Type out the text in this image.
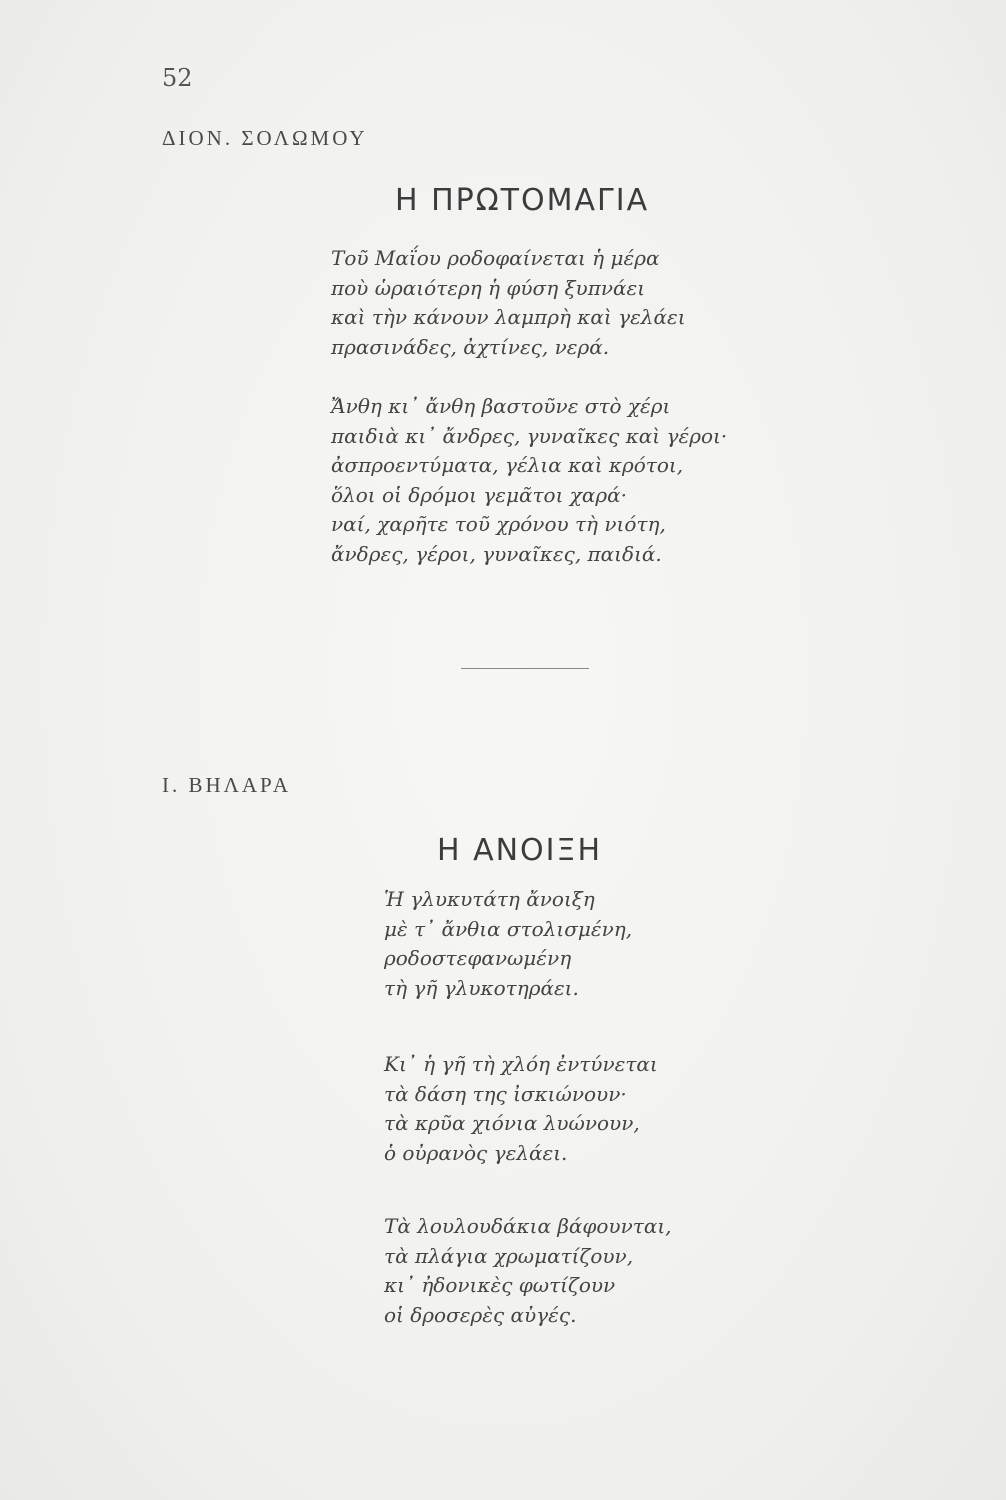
52
ΔΙΟΝ. ΣΟΛΩΜΟΥ
Η ΠΡΩΤΟΜΑΓΙΑ
Τοῦ Μαΐου ροδοφαίνεται ἡ μέρα
ποὺ ὡραιότερη ἡ φύση ξυπνάει
καὶ τὴν κάνουν λαμπρὴ καὶ γελάει
πρασινάδες, ἀχτίνες, νερά.
Ἄνθη κι᾽ ἄνθη βαστοῦνε στὸ χέρι
παιδιὰ κι᾽ ἄνδρες, γυναῖκες καὶ γέροι·
ἀσπροεντύματα, γέλια καὶ κρότοι,
ὅλοι οἱ δρόμοι γεμᾶτοι χαρά·
ναί, χαρῆτε τοῦ χρόνου τὴ νιότη,
ἄνδρες, γέροι, γυναῖκες, παιδιά.
Ι. ΒΗΛΑΡΑ
Η ΑΝΟΙΞΗ
Ἡ γλυκυτάτη ἄνοιξη
μὲ τ᾽ ἄνθια στολισμένη,
ροδοστεφανωμένη
τὴ γῆ γλυκοτηράει.
Κι᾽ ἡ γῆ τὴ χλόη ἐντύνεται
τὰ δάση της ἰσκιώνουν·
τὰ κρῦα χιόνια λυώνουν,
ὁ οὐρανὸς γελάει.
Τὰ λουλουδάκια βάφουνται,
τὰ πλάγια χρωματίζουν,
κι᾽ ἠδονικὲς φωτίζουν
οἱ δροσερὲς αὐγές.
